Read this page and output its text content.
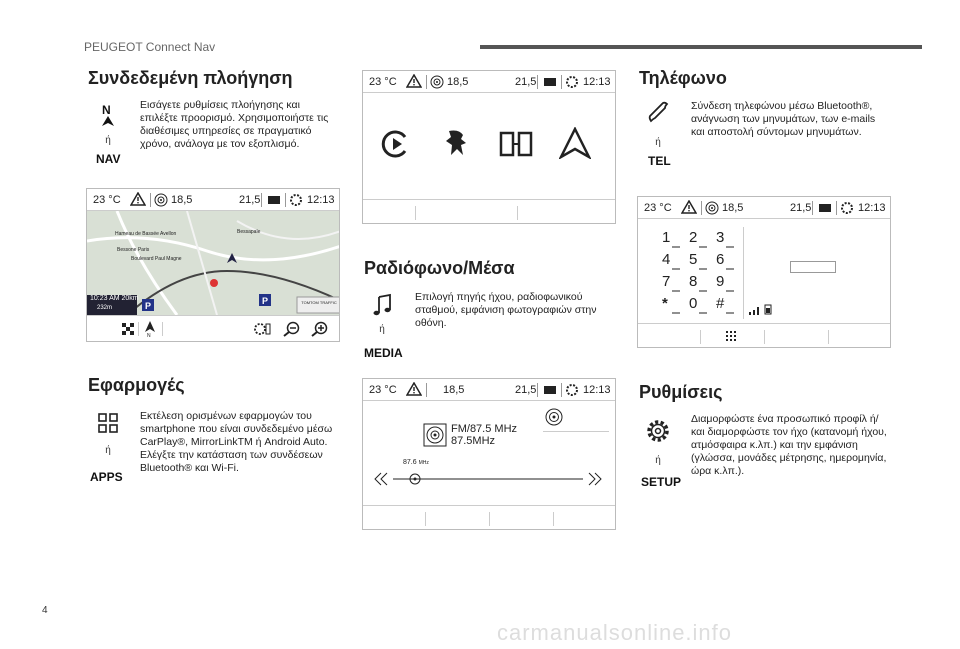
PEUGEOT Connect Nav
Συνδεδεμένη πλοήγηση
N
ή
NAV
Εισάγετε ρυθμίσεις πλοήγησης και επιλέξτε προορισμό. Χρησιμοποιήστε τις διαθέσιμες υπηρεσίες σε πραγματικό χρόνο, ανάλογα με τον εξοπλισμό.
23 °C	18,5	21,5	12:13
P	P
Hameau de Bassée Avellon
Bessone Paris
Boulevard Paul Magne
Bessapale
10:23 AM 20km
232m
TOMTOM TRAFFIC
N
Εφαρμογές
ή
APPS
Εκτέλεση ορισμένων εφαρμογών του smartphone που είναι συνδεδεμένο μέσω CarPlay®, MirrorLinkTM ή Android Auto. Ελέγξτε την κατάσταση των συνδέσεων Bluetooth® και Wi-Fi.
23 °C	18,5	21,5	12:13
Ραδιόφωνο/Μέσα
ή
MEDIA
Επιλογή πηγής ήχου, ραδιοφωνικού σταθμού, εμφάνιση φωτογραφιών στην οθόνη.
23 °C	18,5	21,5	12:13
FM/87.5 MHz
87.5MHz
87.6 MHz
Τηλέφωνο
ή
TEL
Σύνδεση τηλεφώνου μέσω Bluetooth®, ανάγνωση των μηνυμάτων, των e-mails και αποστολή σύντομων μηνυμάτων.
23 °C	18,5	21,5	12:13
1 2 3
4 5 6
7 8 9
* 0 #
Ρυθμίσεις
ή
SETUP
Διαμορφώστε ένα προσωπικό προφίλ ή/και διαμορφώστε τον ήχο (κατανομή ήχου, ατμόσφαιρα κ.λπ.) και την εμφάνιση (γλώσσα, μονάδες μέτρησης, ημερομηνία, ώρα κ.λπ.).
4
carmanualsonline.info
